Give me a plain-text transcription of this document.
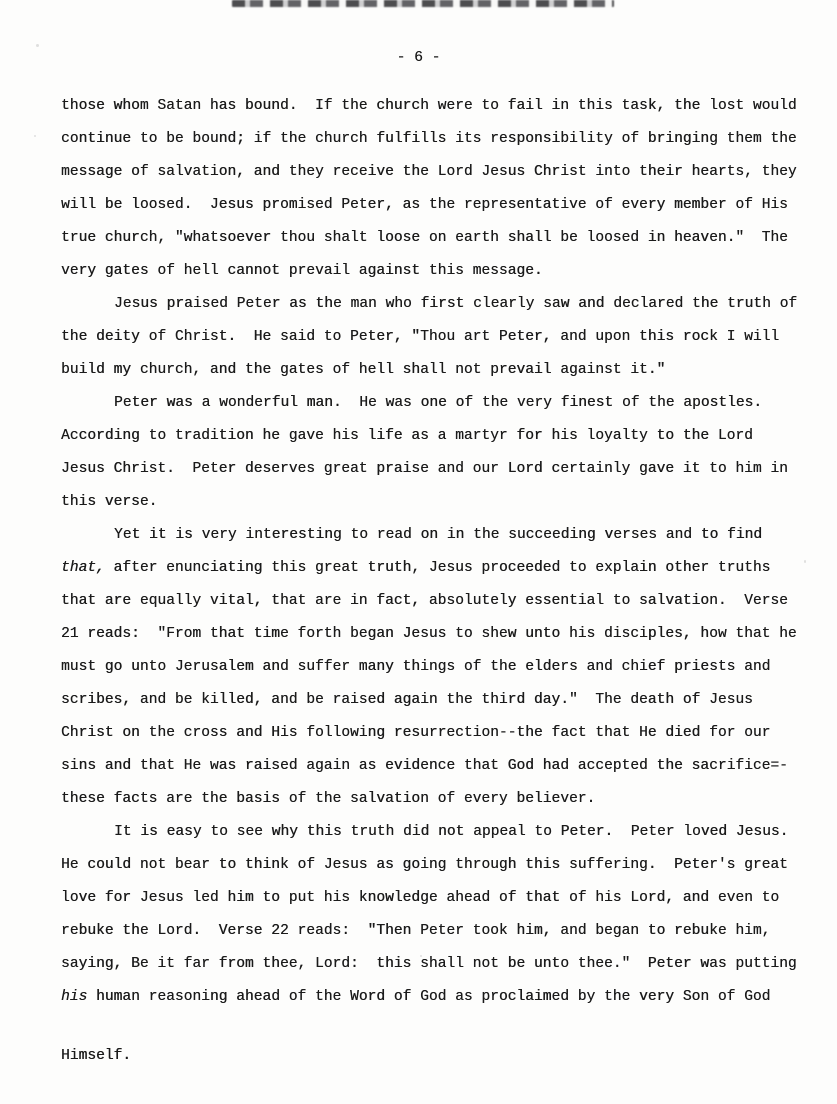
- 6 -
those whom Satan has bound.  If the church were to fail in this task, the lost would
continue to be bound; if the church fulfills its responsibility of bringing them the
message of salvation, and they receive the Lord Jesus Christ into their hearts, they
will be loosed.  Jesus promised Peter, as the representative of every member of His
true church, "whatsoever thou shalt loose on earth shall be loosed in heaven."  The
very gates of hell cannot prevail against this message.
Jesus praised Peter as the man who first clearly saw and declared the truth of
the deity of Christ.  He said to Peter, "Thou art Peter, and upon this rock I will
build my church, and the gates of hell shall not prevail against it."
Peter was a wonderful man.  He was one of the very finest of the apostles.
According to tradition he gave his life as a martyr for his loyalty to the Lord
Jesus Christ.  Peter deserves great praise and our Lord certainly gave it to him in
this verse.
Yet it is very interesting to read on in the succeeding verses and to find
that, after enunciating this great truth, Jesus proceeded to explain other truths
that are equally vital, that are in fact, absolutely essential to salvation.  Verse
21 reads:  "From that time forth began Jesus to shew unto his disciples, how that he
must go unto Jerusalem and suffer many things of the elders and chief priests and
scribes, and be killed, and be raised again the third day."  The death of Jesus
Christ on the cross and His following resurrection--the fact that He died for our
sins and that He was raised again as evidence that God had accepted the sacrifice=-
these facts are the basis of the salvation of every believer.
It is easy to see why this truth did not appeal to Peter.  Peter loved Jesus.
He could not bear to think of Jesus as going through this suffering.  Peter's great
love for Jesus led him to put his knowledge ahead of that of his Lord, and even to
rebuke the Lord.  Verse 22 reads:  "Then Peter took him, and began to rebuke him,
saying, Be it far from thee, Lord:  this shall not be unto thee."  Peter was putting
his human reasoning ahead of the Word of God as proclaimed by the very Son of God
Himself.
